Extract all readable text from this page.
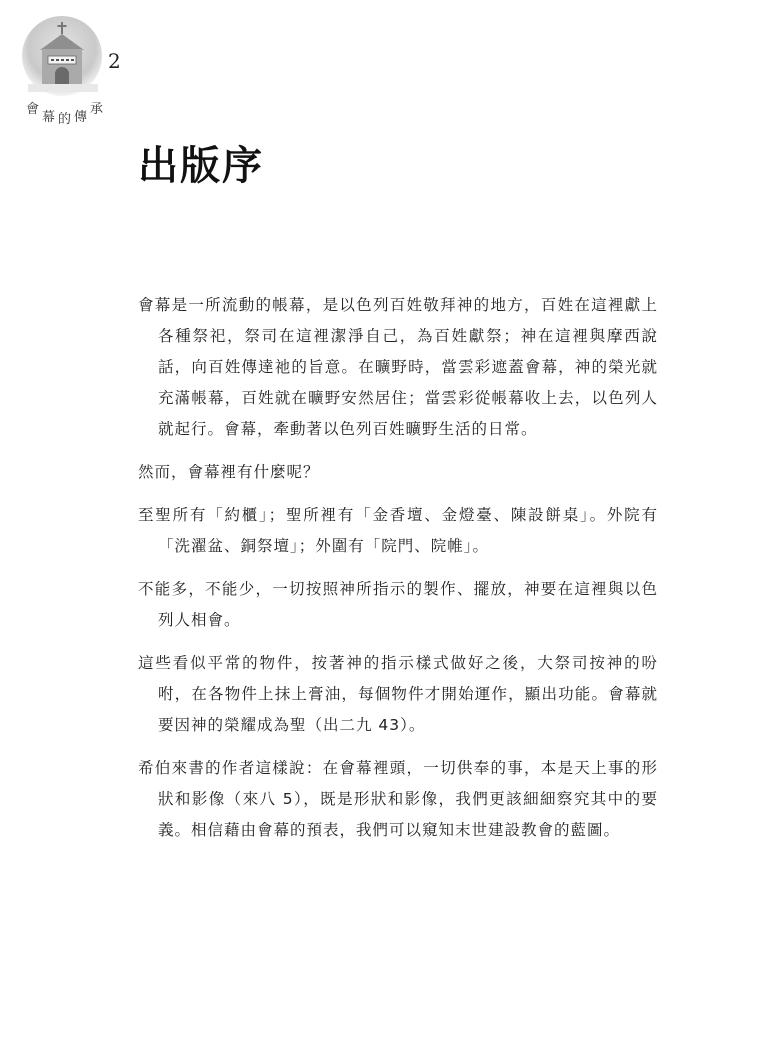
會
幕 的 傳
承
2
出版序

會幕是一所流動的帳幕，是以色列百姓敬拜神的地方，百姓在這裡獻上各種祭祀，祭司在這裡潔淨自己，為百姓獻祭；神在這裡與摩西說話，向百姓傳達祂的旨意。在曠野時，當雲彩遮蓋會幕，神的榮光就充滿帳幕，百姓就在曠野安然居住；當雲彩從帳幕收上去，以色列人就起行。會幕，牽動著以色列百姓曠野生活的日常。

然而，會幕裡有什麼呢？

至聖所有「約櫃」；聖所裡有「金香壇、金燈臺、陳設餅桌」。外院有「洗濯盆、銅祭壇」；外圍有「院門、院帷」。

不能多，不能少，一切按照神所指示的製作、擺放，神要在這裡與以色列人相會。

這些看似平常的物件，按著神的指示樣式做好之後，大祭司按神的吩咐，在各物件上抹上膏油，每個物件才開始運作，顯出功能。會幕就要因神的榮耀成為聖（出二九 43）。

希伯來書的作者這樣說：在會幕裡頭，一切供奉的事，本是天上事的形狀和影像（來八 5），既是形狀和影像，我們更該細細察究其中的要義。相信藉由會幕的預表，我們可以窺知末世建設教會的藍圖。
